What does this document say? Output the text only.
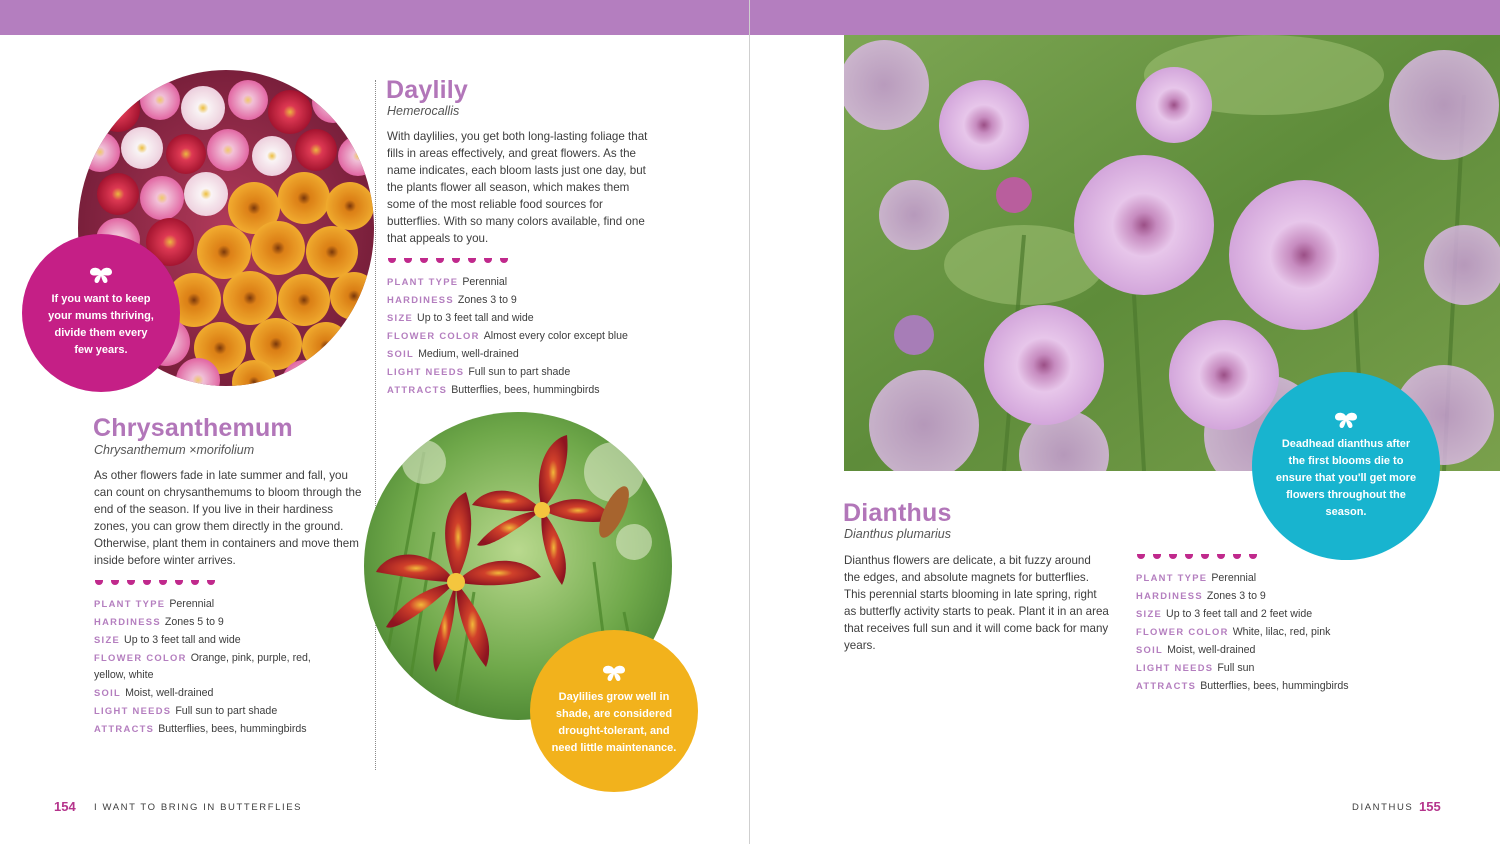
If you want to keep your mums thriving, divide them every few years.
Daylily
Hemerocallis
With daylilies, you get both long-lasting foliage that fills in areas effectively, and great flowers. As the name indicates, each bloom lasts just one day, but the plants flower all season, which makes them some of the most reliable food sources for butterflies. With so many colors available, find one that appeals to you.
PLANT TYPE Perennial
HARDINESS Zones 3 to 9
SIZE Up to 3 feet tall and wide
FLOWER COLOR Almost every color except blue
SOIL Medium, well-drained
LIGHT NEEDS Full sun to part shade
ATTRACTS Butterflies, bees, hummingbirds
Chrysanthemum
Chrysanthemum ×morifolium
As other flowers fade in late summer and fall, you can count on chrysanthemums to bloom through the end of the season. If you live in their hardiness zones, you can grow them directly in the ground. Otherwise, plant them in containers and move them inside before winter arrives.
PLANT TYPE Perennial
HARDINESS Zones 5 to 9
SIZE Up to 3 feet tall and wide
FLOWER COLOR Orange, pink, purple, red, yellow, white
SOIL Moist, well-drained
LIGHT NEEDS Full sun to part shade
ATTRACTS Butterflies, bees, hummingbirds
Daylilies grow well in shade, are considered drought-tolerant, and need little maintenance.
154 I WANT TO BRING IN BUTTERFLIES
Deadhead dianthus after the first blooms die to ensure that you'll get more flowers throughout the season.
Dianthus
Dianthus plumarius
Dianthus flowers are delicate, a bit fuzzy around the edges, and absolute magnets for butterflies. This perennial starts blooming in late spring, right as butterfly activity starts to peak. Plant it in an area that receives full sun and it will come back for many years.
PLANT TYPE Perennial
HARDINESS Zones 3 to 9
SIZE Up to 3 feet tall and 2 feet wide
FLOWER COLOR White, lilac, red, pink
SOIL Moist, well-drained
LIGHT NEEDS Full sun
ATTRACTS Butterflies, bees, hummingbirds
DIANTHUS 155
